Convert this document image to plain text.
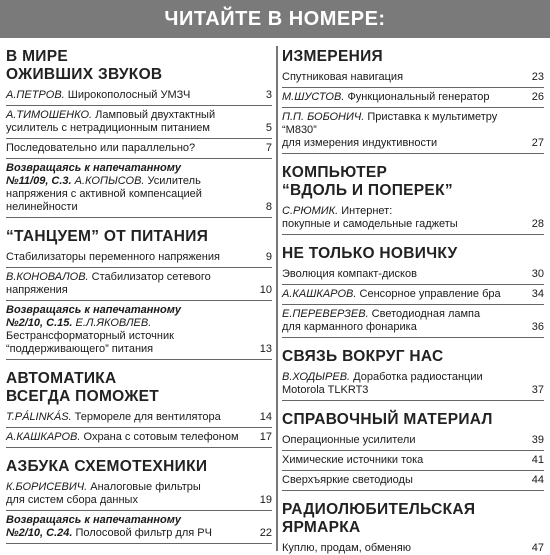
ЧИТАЙТЕ В НОМЕРЕ:
В МИРЕ
ОЖИВШИХ ЗВУКОВ
А.ПЕТРОВ. Широкополосный УМЗЧ	3
А.ТИМОШЕНКО. Ламповый двухтактный
усилитель с нетрадиционным питанием	5
Последовательно или параллельно?	7
Возвращаясь к напечатанному
№11/09, С.3. А.КОПЫСОВ. Усилитель
напряжения с активной компенсацией
нелинейности	8
“ТАНЦУЕМ” ОТ ПИТАНИЯ
Стабилизаторы переменного напряжения	9
В.КОНОВАЛОВ. Стабилизатор сетевого
напряжения	10
Возвращаясь к напечатанному
№2/10, С.15. Е.Л.ЯКОВЛЕВ.
Бестрансформаторный источник
“поддерживающего” питания	13
АВТОМАТИКА
ВСЕГДА ПОМОЖЕТ
T.PÁLINKÁS. Термореле для вентилятора	14
А.КАШКАРОВ. Охрана с сотовым телефоном	17
АЗБУКА СХЕМОТЕХНИКИ
К.БОРИСЕВИЧ. Аналоговые фильтры
для систем сбора данных	19
Возвращаясь к напечатанному
№2/10, С.24. Полосовой фильтр для РЧ	22
ИЗМЕРЕНИЯ
Спутниковая навигация	23
М.ШУСТОВ. Функциональный генератор	26
П.П. БОБОНИЧ. Приставка к мультиметру “M830”
для измерения индуктивности	27
КОМПЬЮТЕР
“ВДОЛЬ И ПОПЕРЕК”
С.РЮМИК. Интернет:
покупные и самодельные гаджеты	28
НЕ ТОЛЬКО НОВИЧКУ
Эволюция компакт-дисков	30
А.КАШКАРОВ. Сенсорное управление бра	34
Е.ПЕРЕВЕРЗЕВ. Светодиодная лампа
для карманного фонарика	36
СВЯЗЬ ВОКРУГ НАС
В.ХОДЫРЕВ. Доработка радиостанции
Motorola TLKRT3	37
СПРАВОЧНЫЙ МАТЕРИАЛ
Операционные усилители	39
Химические источники тока	41
Сверхъяркие светодиоды	44
РАДИОЛЮБИТЕЛЬСКАЯ
ЯРМАРКА
Куплю, продам, обменяю	47
